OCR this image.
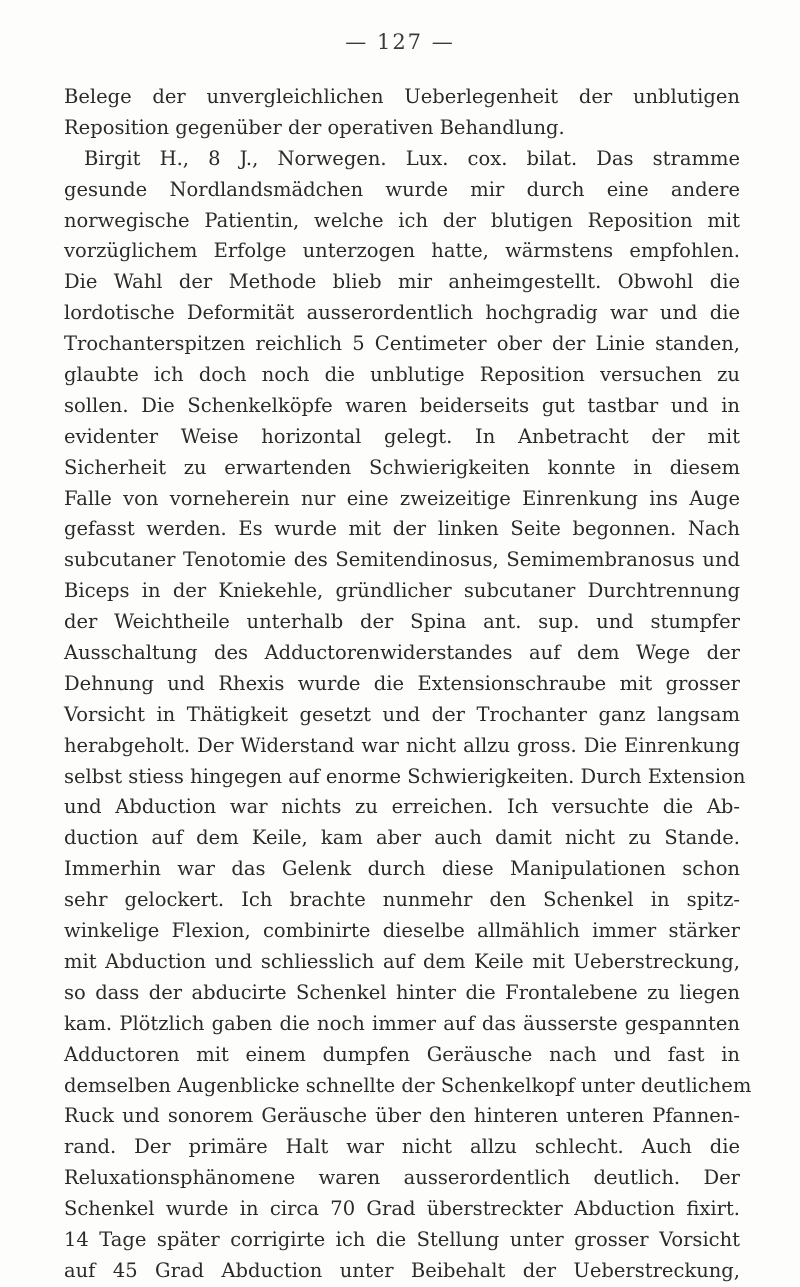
— 127 —
Belege der unvergleichlichen Ueberlegenheit der unblutigen
Reposition gegenüber der operativen Behandlung.
Birgit H., 8 J., Norwegen. Lux. cox. bilat. Das stramme
gesunde Nordlandsmädchen wurde mir durch eine andere
norwegische Patientin, welche ich der blutigen Reposition mit
vorzüglichem Erfolge unterzogen hatte, wärmstens empfohlen.
Die Wahl der Methode blieb mir anheimgestellt. Obwohl die
lordotische Deformität ausserordentlich hochgradig war und die
Trochanterspitzen reichlich 5 Centimeter ober der Linie standen,
glaubte ich doch noch die unblutige Reposition versuchen zu
sollen. Die Schenkelköpfe waren beiderseits gut tastbar und in
evidenter Weise horizontal gelegt. In Anbetracht der mit
Sicherheit zu erwartenden Schwierigkeiten konnte in diesem
Falle von vorneherein nur eine zweizeitige Einrenkung ins Auge
gefasst werden. Es wurde mit der linken Seite begonnen. Nach
subcutaner Tenotomie des Semitendinosus, Semimembranosus und
Biceps in der Kniekehle, gründlicher subcutaner Durchtrennung
der Weichtheile unterhalb der Spina ant. sup. und stumpfer
Ausschaltung des Adductorenwiderstandes auf dem Wege der
Dehnung und Rhexis wurde die Extensionschraube mit grosser
Vorsicht in Thätigkeit gesetzt und der Trochanter ganz langsam
herabgeholt. Der Widerstand war nicht allzu gross. Die Einrenkung
selbst stiess hingegen auf enorme Schwierigkeiten. Durch Extension
und Abduction war nichts zu erreichen. Ich versuchte die Ab-
duction auf dem Keile, kam aber auch damit nicht zu Stande.
Immerhin war das Gelenk durch diese Manipulationen schon
sehr gelockert. Ich brachte nunmehr den Schenkel in spitz-
winkelige Flexion, combinirte dieselbe allmählich immer stärker
mit Abduction und schliesslich auf dem Keile mit Ueberstreckung,
so dass der abducirte Schenkel hinter die Frontalebene zu liegen
kam. Plötzlich gaben die noch immer auf das äusserste gespannten
Adductoren mit einem dumpfen Geräusche nach und fast in
demselben Augenblicke schnellte der Schenkelkopf unter deutlichem
Ruck und sonorem Geräusche über den hinteren unteren Pfannen-
rand. Der primäre Halt war nicht allzu schlecht. Auch die
Reluxationsphänomene waren ausserordentlich deutlich. Der
Schenkel wurde in circa 70 Grad überstreckter Abduction fixirt.
14 Tage später corrigirte ich die Stellung unter grosser Vorsicht
auf 45 Grad Abduction unter Beibehalt der Ueberstreckung,
